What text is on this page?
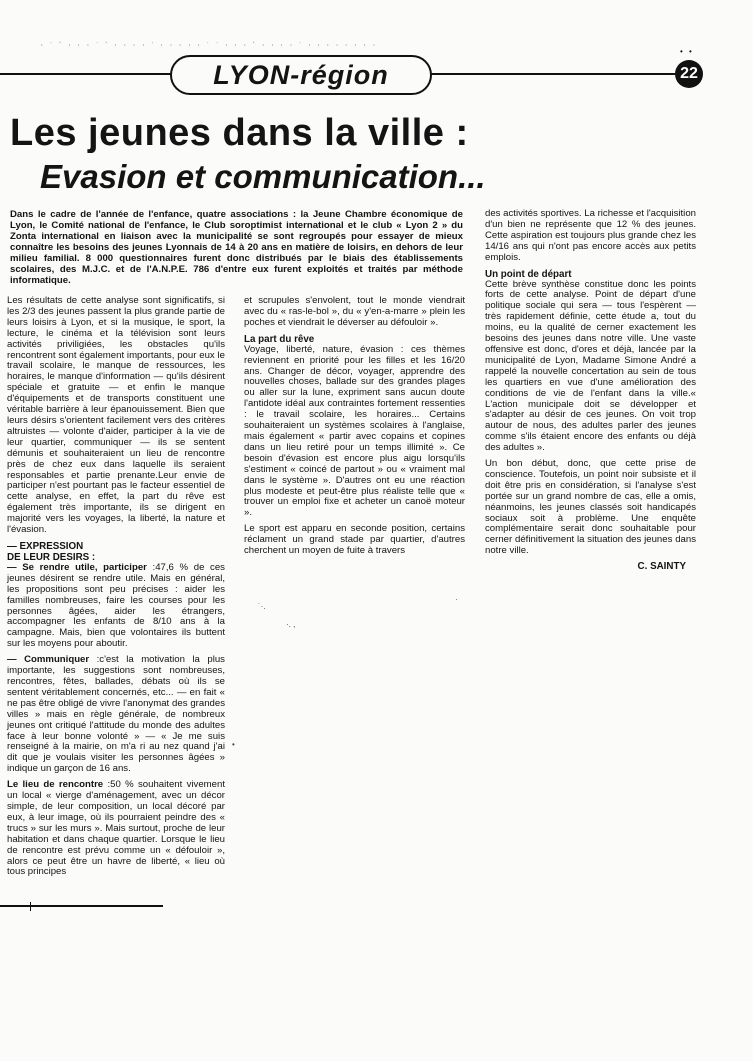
· ˙ ` · · · ˙ ` · · · · ˙ · · · · · ˙ ˙ · · · ` · · · · ˙ · · · · · · · ·
• •
LYON-région	22
Les jeunes dans la ville :
Evasion et communication...

Dans le cadre de l'année de l'enfance, quatre associations : la Jeune Chambre économique de Lyon, le Comité national de l'enfance, le Club soroptimist international et le club « Lyon 2 » du Zonta international en liaison avec la municipalité se sont regroupés pour essayer de mieux connaître les besoins des jeunes Lyonnais de 14 à 20 ans en matière de loisirs, en dehors de leur milieu familial. 8 000 questionnaires furent donc distribués par le biais des établissements scolaires, des M.J.C. et de l'A.N.P.E. 786 d'entre eux furent exploités et traités par méthode informatique.

Les résultats de cette analyse sont significatifs, si les 2/3 des jeunes passent la plus grande partie de leurs loisirs à Lyon, et si la musique, le sport, la lecture, le cinéma et la télévision sont leurs activités priviligiées, les obstacles qu'ils rencontrent sont également importants, pour eux le travail scolaire, le manque de ressources, les horaires, le manque d'information — qu'ils désirent spéciale et gratuite — et enfin le manque d'équipements et de transports constituent une véritable barrière à leur épanouissement. Bien que leurs désirs s'orientent facilement vers des critères altruistes — volonte d'aider, participer à la vie de leur quartier, communiquer — ils se sentent démunis et souhaiteraient un lieu de rencontre près de chez eux dans laquelle ils seraient responsables et partie prenante.Leur envie de participer n'est pourtant pas le facteur essentiel de cette analyse, en effet, la part du rêve est également très importante, ils se dirigent en majorité vers les voyages, la liberté, la nature et l'évasion.

— EXPRESSION
DE LEUR DESIRS :

— Se rendre utile, participer :47,6 % de ces jeunes désirent se rendre utile. Mais en général, les propositions sont peu précises : aider les familles nombreuses, faire les courses pour les personnes âgées, aider les étrangers, accompagner les enfants de 8/10 ans à la campagne. Mais, bien que volontaires ils buttent sur les moyens pour aboutir.

— Communiquer :c'est la motivation la plus importante, les suggestions sont nombreuses, rencontres, fêtes, ballades, débats où ils se sentent véritablement concernés, etc... — en fait « ne pas être obligé de vivre l'anonymat des grandes villes » mais en règle générale, de nombreux jeunes ont critiqué l'attitude du monde des adultes face à leur bonne volonté » — « Je me suis renseigné à la mairie, on m'a ri au nez quand j'ai dit que je voulais visiter les personnes âgées » indique un garçon de 16 ans.

Le lieu de rencontre :50 % souhaitent vivement un local « vierge d'aménagement, avec un décor simple, de leur composition, un local décoré par eux, à leur image, où ils pourraient peindre des « trucs » sur les murs ». Mais surtout, proche de leur habitation et dans chaque quartier. Lorsque le lieu de rencontre est prévu comme un « défouloir », alors ce peut être un havre de liberté, « lieu où tous principes

et scrupules s'envolent, tout le monde viendrait avec du « ras-le-bol », du « y'en-a-marre » plein les poches et viendrait le déverser au défouloir ».

La part du rêve

Voyage, liberté, nature, évasion : ces thèmes reviennent en priorité pour les filles et les 16/20 ans. Changer de décor, voyager, apprendre des nouvelles choses, ballade sur des grandes plages ou aller sur la lune, expriment sans aucun doute l'antidote idéal aux contraintes fortement ressenties : le travail scolaire, les horaires... Certains souhaiteraient un systèmes scolaires à l'anglaise, mais également « partir avec copains et copines dans un lieu retiré pour un temps illimité ». Ce besoin d'évasion est encore plus aigu lorsqu'ils s'estiment « coincé de partout » ou « vraiment mal dans le système ». D'autres ont eu une réaction plus modeste et peut-être plus réaliste telle que « trouver un emploi fixe et acheter un canoë moteur ».

Le sport est apparu en seconde position, certains réclament un grand stade par quartier, d'autres cherchent un moyen de fuite à travers

des activités sportives. La richesse et l'acquisition d'un bien ne représente que 12 % des jeunes. Cette aspiration est toujours plus grande chez les 14/16 ans qui n'ont pas encore accès aux petits emplois.

Un point de départ

Cette brève synthèse constitue donc les points forts de cette analyse. Point de départ d'une politique sociale qui sera — tous l'espèrent — très rapidement définie, cette étude a, tout du moins, eu la qualité de cerner exactement les besoins des jeunes dans notre ville. Une vaste offensive est donc, d'ores et déjà, lancée par la municipalité de Lyon, Madame Simone André a rappelé la nouvelle concertation au sein de tous les quartiers en vue d'une amélioration des conditions de vie de l'enfant dans la ville.« L'action municipale doit se développer et s'adapter au désir de ces jeunes. On voit trop autour de nous, des adultes parler des jeunes comme s'ils étaient encore des enfants ou déjà des adultes ».

Un bon début, donc, que cette prise de conscience. Toutefois, un point noir subsiste et il doit être pris en considération, si l'analyse s'est portée sur un grand nombre de cas, elle a omis, néanmoins, les jeunes classés soit handicapés sociaux soit à problème. Une enquête complémentaire serait donc souhaitable pour cerner définitivement la situation des jeunes dans notre ville.

C. SAINTY
˙·.
·. ,
·
•
